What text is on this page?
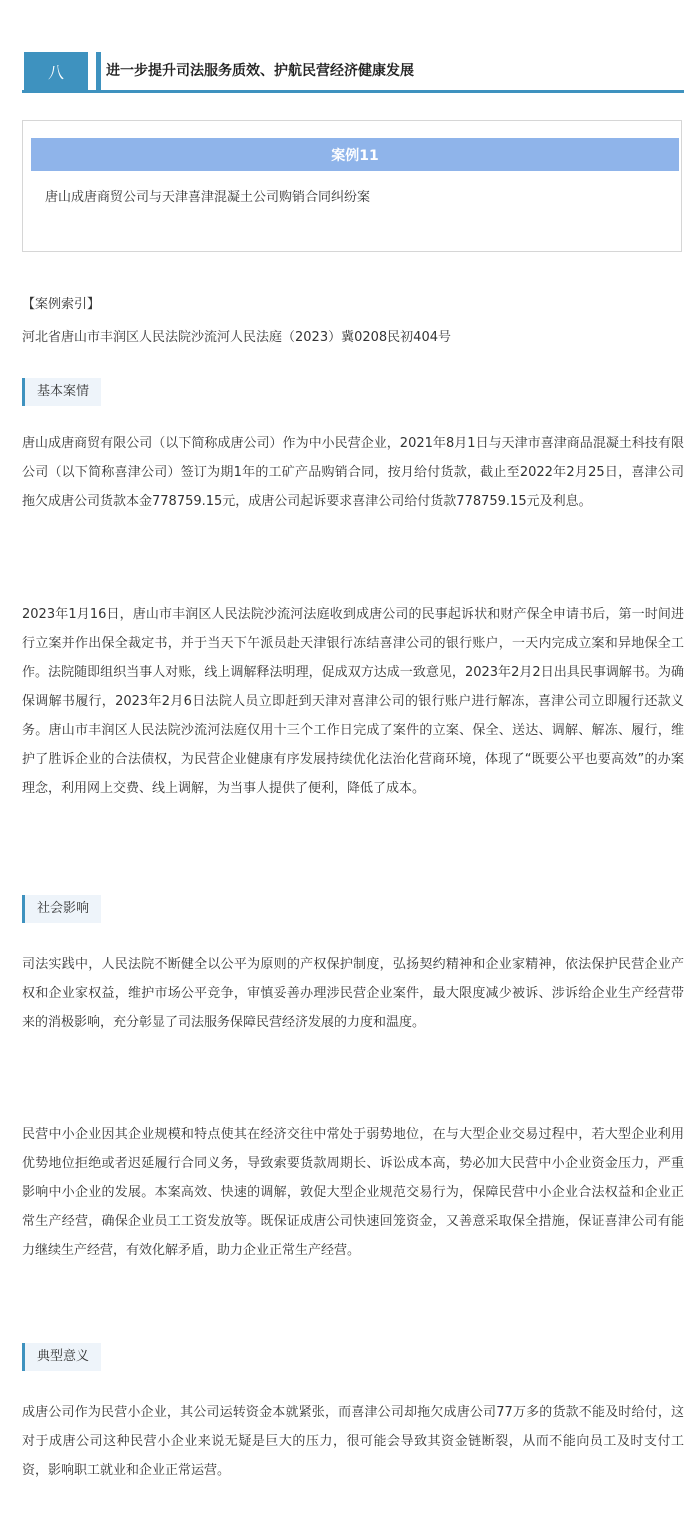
八	进一步提升司法服务质效、护航民营经济健康发展
案例11
唐山成唐商贸公司与天津喜津混凝土公司购销合同纠纷案

【案例索引】

河北省唐山市丰润区人民法院沙流河人民法庭（2023）冀0208民初404号

基本案情

唐山成唐商贸有限公司（以下简称成唐公司）作为中小民营企业，2021年8月1日与天津市喜津商品混凝土科技有限公司（以下简称喜津公司）签订为期1年的工矿产品购销合同，按月给付货款，截止至2022年2月25日，喜津公司拖欠成唐公司货款本金778759.15元，成唐公司起诉要求喜津公司给付货款778759.15元及利息。

2023年1月16日，唐山市丰润区人民法院沙流河法庭收到成唐公司的民事起诉状和财产保全申请书后，第一时间进行立案并作出保全裁定书，并于当天下午派员赴天津银行冻结喜津公司的银行账户，一天内完成立案和异地保全工作。法院随即组织当事人对账，线上调解释法明理，促成双方达成一致意见，2023年2月2日出具民事调解书。为确保调解书履行，2023年2月6日法院人员立即赶到天津对喜津公司的银行账户进行解冻，喜津公司立即履行还款义务。唐山市丰润区人民法院沙流河法庭仅用十三个工作日完成了案件的立案、保全、送达、调解、解冻、履行，维护了胜诉企业的合法债权，为民营企业健康有序发展持续优化法治化营商环境，体现了“既要公平也要高效”的办案理念，利用网上交费、线上调解，为当事人提供了便利，降低了成本。

社会影响

司法实践中，人民法院不断健全以公平为原则的产权保护制度，弘扬契约精神和企业家精神，依法保护民营企业产权和企业家权益，维护市场公平竞争，审慎妥善办理涉民营企业案件，最大限度减少被诉、涉诉给企业生产经营带来的消极影响，充分彰显了司法服务保障民营经济发展的力度和温度。

民营中小企业因其企业规模和特点使其在经济交往中常处于弱势地位，在与大型企业交易过程中，若大型企业利用优势地位拒绝或者迟延履行合同义务，导致索要货款周期长、诉讼成本高，势必加大民营中小企业资金压力，严重影响中小企业的发展。本案高效、快速的调解，敦促大型企业规范交易行为，保障民营中小企业合法权益和企业正常生产经营，确保企业员工工资发放等。既保证成唐公司快速回笼资金，又善意采取保全措施，保证喜津公司有能力继续生产经营，有效化解矛盾，助力企业正常生产经营。

典型意义

成唐公司作为民营小企业，其公司运转资金本就紧张，而喜津公司却拖欠成唐公司77万多的货款不能及时给付，这对于成唐公司这种民营小企业来说无疑是巨大的压力，很可能会导致其资金链断裂，从而不能向员工及时支付工资，影响职工就业和企业正常运营。
